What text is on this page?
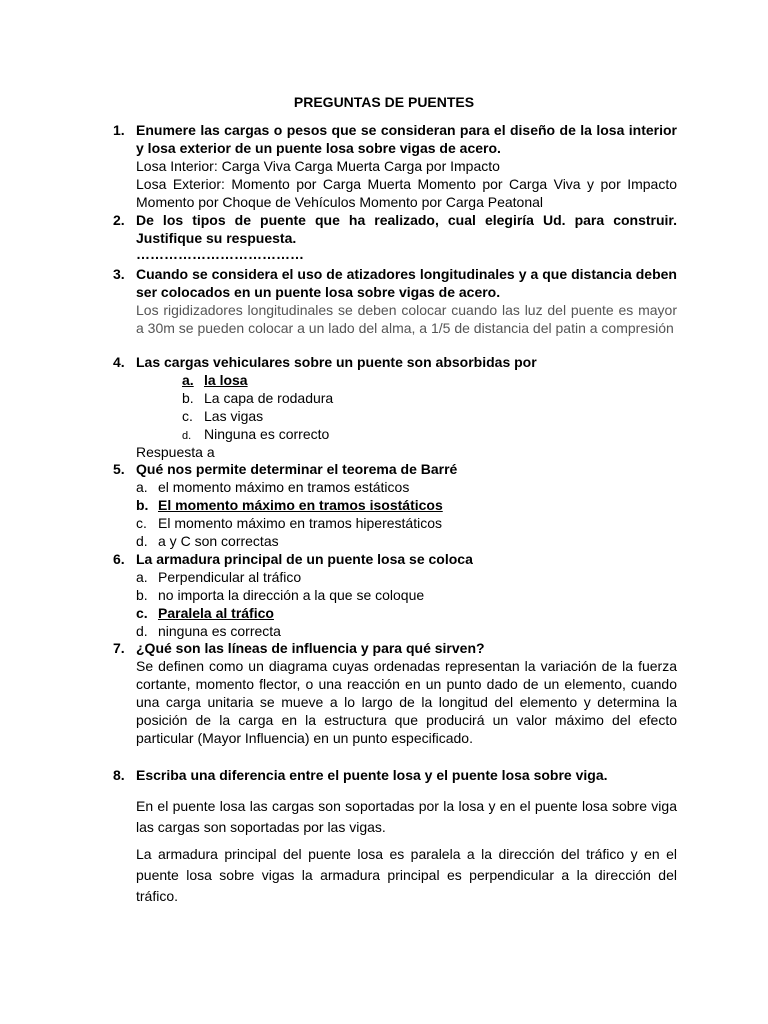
PREGUNTAS DE PUENTES
1. Enumere las cargas o pesos que se consideran para el diseño de la losa interior y losa exterior de un puente losa sobre vigas de acero.
Losa Interior: Carga Viva Carga Muerta Carga por Impacto
Losa Exterior: Momento por Carga Muerta Momento por Carga Viva y por Impacto Momento por Choque de Vehículos Momento por Carga Peatonal
2. De los tipos de puente que ha realizado, cual elegiría Ud. para construir. Justifique su respuesta.
………………………………
3. Cuando se considera el uso de atizadores longitudinales y a que distancia deben ser colocados en un puente losa sobre vigas de acero.
Los rigidizadores longitudinales se deben colocar cuando las luz del puente es mayor a 30m se pueden colocar a un lado del alma, a 1/5 de distancia del patin a compresión
4. Las cargas vehiculares sobre un puente son absorbidas por
a. la losa
b. La capa de rodadura
c. Las vigas
d. Ninguna es correcto
Respuesta a
5. Qué nos permite determinar el teorema de Barré
a. el momento máximo en tramos estáticos
b. El momento máximo en tramos isostáticos
c. El momento máximo en tramos hiperestáticos
d. a y C son correctas
6. La armadura principal de un puente losa se coloca
a. Perpendicular al tráfico
b. no importa la dirección a la que se coloque
c. Paralela al tráfico
d. ninguna es correcta
7. ¿Qué son las líneas de influencia y para qué sirven?
Se definen como un diagrama cuyas ordenadas representan la variación de la fuerza cortante, momento flector, o una reacción en un punto dado de un elemento, cuando una carga unitaria se mueve a lo largo de la longitud del elemento y determina la posición de la carga en la estructura que producirá un valor máximo del efecto particular (Mayor Influencia) en un punto especificado.
8. Escriba una diferencia entre el puente losa y el puente losa sobre viga.
En el puente losa las cargas son soportadas por la losa y en el puente losa sobre viga las cargas son soportadas por las vigas.
La armadura principal del puente losa es paralela a la dirección del tráfico y en el puente losa sobre vigas la armadura principal es perpendicular a la dirección del tráfico.
